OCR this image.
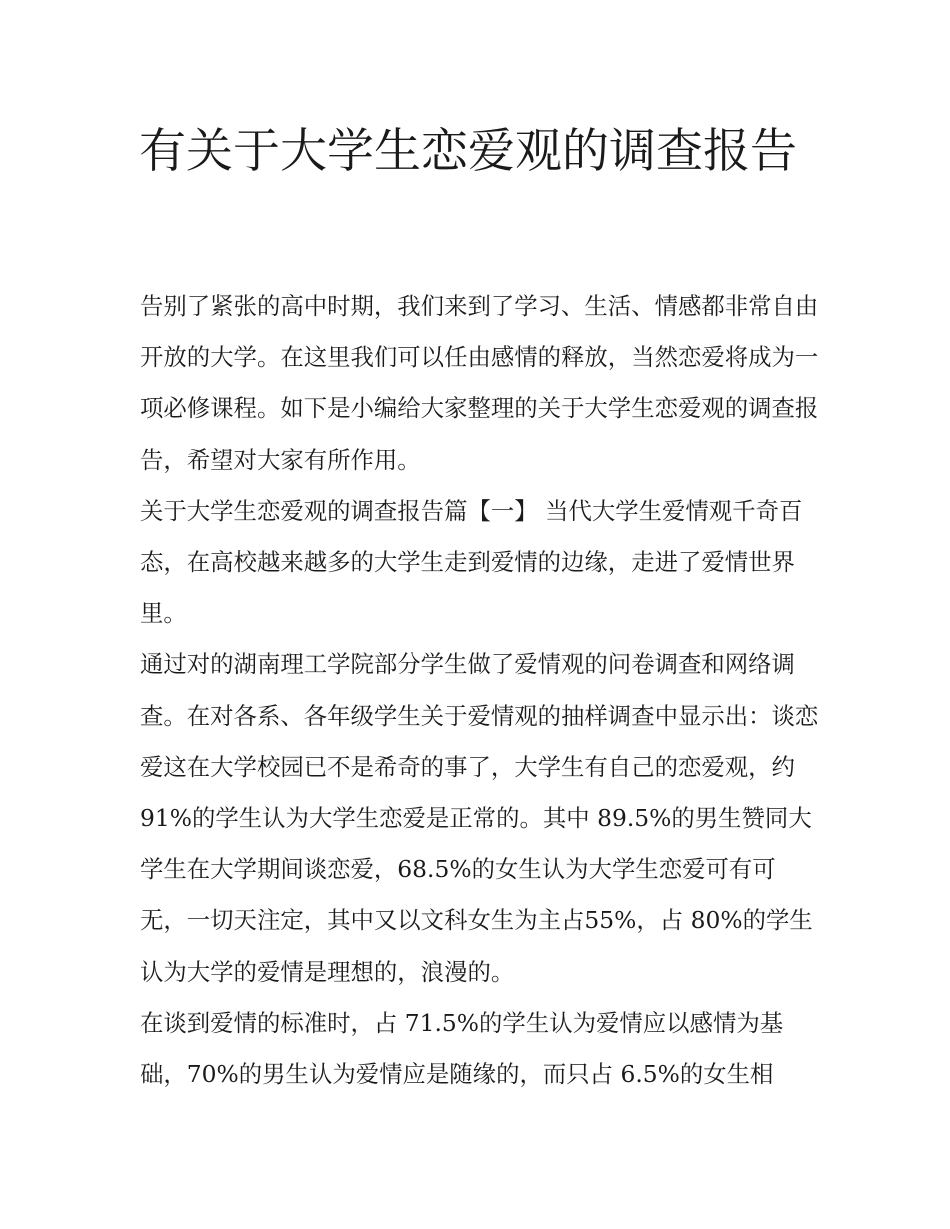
有关于大学生恋爱观的调查报告

告别了紧张的高中时期，我们来到了学习、生活、情感都非常自由开放的大学。在这里我们可以任由感情的释放，当然恋爱将成为一项必修课程。如下是小编给大家整理的关于大学生恋爱观的调查报告，希望对大家有所作用。

关于大学生恋爱观的调查报告篇【一】 当代大学生爱情观千奇百态，在高校越来越多的大学生走到爱情的边缘，走进了爱情世界里。

通过对的湖南理工学院部分学生做了爱情观的问卷调查和网络调查。在对各系、各年级学生关于爱情观的抽样调查中显示出：谈恋爱这在大学校园已不是希奇的事了，大学生有自己的恋爱观，约 91%的学生认为大学生恋爱是正常的。其中 89.5%的男生赞同大学生在大学期间谈恋爱，68.5%的女生认为大学生恋爱可有可无，一切天注定，其中又以文科女生为主占55%，占 80%的学生认为大学的爱情是理想的，浪漫的。

在谈到爱情的标准时，占 71.5%的学生认为爱情应以感情为基础，70%的男生认为爱情应是随缘的，而只占 6.5%的女生相
